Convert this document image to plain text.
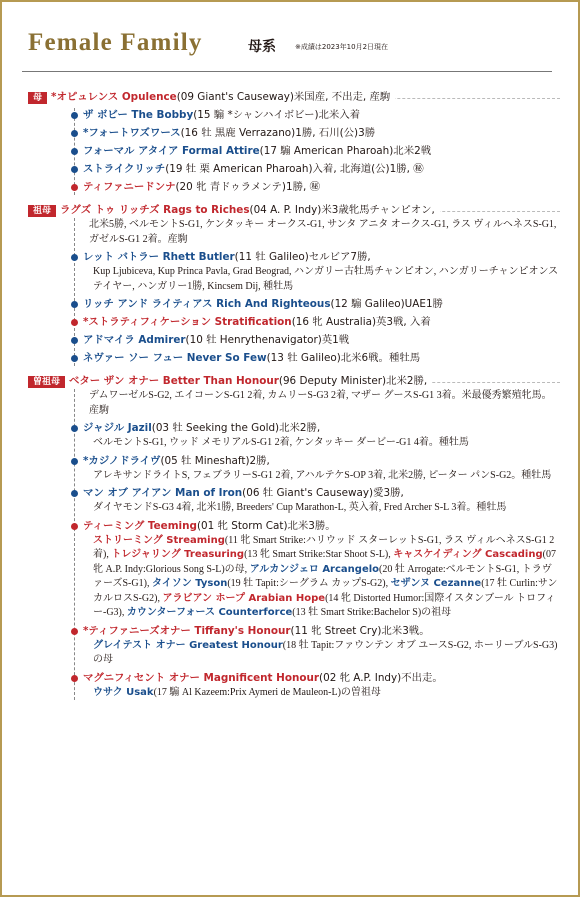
Female Family	母系	※成績は2023年10月2日現在
母 *オピュレンス Opulence(09 Giant's Causeway)米国産, 不出走, 産駒
ザ ボビー The Bobby(15 騸 *シャンハイボビー)北米入着
*フォートワズワース(16 牡 黒鹿 Verrazano)1勝, 石川(公)3勝
フォーマル アタイア Formal Attire(17 騸 American Pharoah)北米2戦
ストライクリッチ(19 牡 栗 American Pharoah)入着, 北海道(公)1勝, ㊙
ティファニードンナ(20 牝 青ドゥラメンテ)1勝, ㊙
祖母 ラグズ トゥ リッチズ Rags to Riches(04 A. P. Indy)米3歳牝馬チャンピオン,
北米5勝, ベルモントS-G1, ケンタッキー オークス-G1, サンタ アニタ オークス-G1, ラス ヴィルヘネスS-G1, ガゼルS-G1 2着。産駒
レット バトラー Rhett Butler(11 牡 Galileo)セルビア7勝,
Kup Ljubiceva, Kup Princa Pavla, Grad Beograd, ハンガリー古牡馬チャンピオン, ハンガリーチャンピオンステイヤー, ハンガリー1勝, Kincsem Dij, 種牡馬
リッチ アンド ライティアス Rich And Righteous(12 騸 Galileo)UAE1勝
*ストラティフィケーション Stratification(16 牝 Australia)英3戦, 入着
アドマイラ Admirer(10 牡 Henrythenavigator)英1戦
ネヴァー ソー フュー Never So Few(13 牡 Galileo)北米6戦。種牡馬
曽祖母 ベター ザン オナー Better Than Honour(96 Deputy Minister)北米2勝,
デムワーゼルS-G2, エイコーンS-G1 2着, カムリーS-G3 2着, マザー グースS-G1 3着。米最優秀繁殖牝馬。産駒
ジャジル Jazil(03 牡 Seeking the Gold)北米2勝,
ベルモントS-G1, ウッド メモリアルS-G1 2着, ケンタッキー ダービー-G1 4着。種牡馬
*カジノドライヴ(05 牡 Mineshaft)2勝,
アレキサンドライトS, フェブラリーS-G1 2着, アハルテケS-OP 3着, 北米2勝, ピーター パンS-G2。種牡馬
マン オブ アイアン Man of Iron(06 牡 Giant's Causeway)愛3勝,
ダイヤモンドS-G3 4着, 北米1勝, Breeders' Cup Marathon-L, 英入着, Fred Archer S-L 3着。種牡馬
ティーミング Teeming(01 牝 Storm Cat)北米3勝。
ストリーミング Streaming(11 牝 Smart Strike:ハリウッド スターレットS-G1, ラス ヴィルヘネスS-G1 2着), トレジャリング Treasuring(13 牝 Smart Strike:Star Shoot S-L), キャスケイディング Cascading(07 牝 A.P. Indy:Glorious Song S-L)の母, アルカンジェロ Arcangelo(20 牡 Arrogate:ベルモントS-G1, トラヴァーズS-G1), タイソン Tyson(19 牡 Tapit:シーグラム カップS-G2), セザンヌ Cezanne(17 牡 Curlin:サン カルロスS-G2), アラビアン ホープ Arabian Hope(14 牝 Distorted Humor:国際イスタンブール トロフィー-G3), カウンターフォース Counterforce(13 牡 Smart Strike:Bachelor S)の祖母
*ティファニーズオナー Tiffany's Honour(11 牝 Street Cry)北米3戦。
グレイテスト オナー Greatest Honour(18 牡 Tapit:ファウンテン オブ ユースS-G2, ホーリーブルS-G3)の母
マグニフィセント オナー Magnificent Honour(02 牝 A.P. Indy)不出走。
ウサク Usak(17 騸 Al Kazeem:Prix Aymeri de Mauleon-L)の曽祖母
